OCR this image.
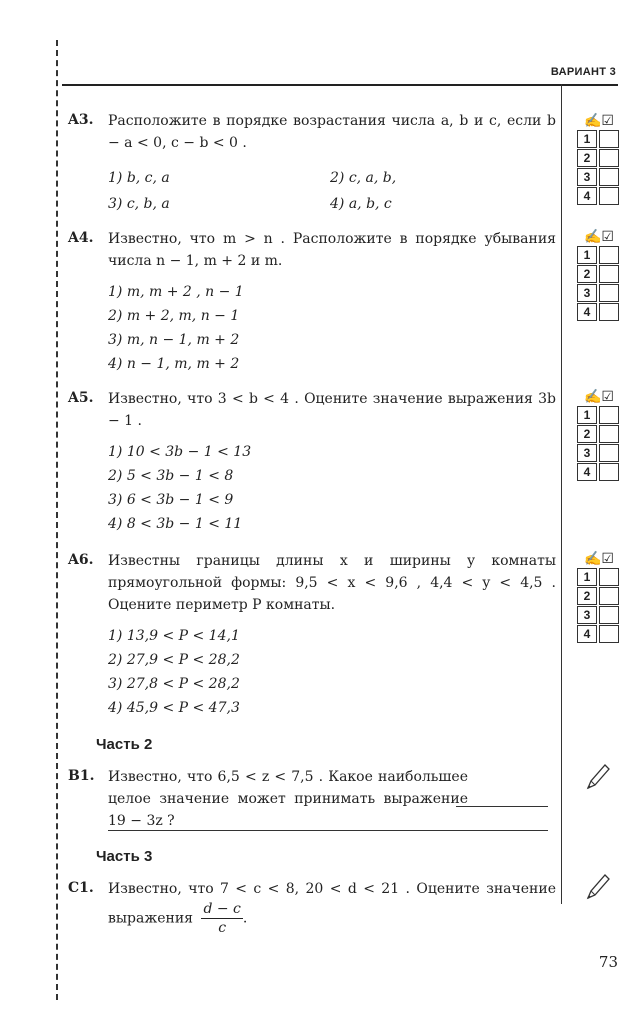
ВАРИАНТ 3
A3. Расположите в порядке возрастания числа a, b и c, если b − a < 0, c − b < 0 .
1) b, c, a	2) c, a, b,
3) c, b, a	4) a, b, c
✍☑
1
2
3
4
A4. Известно, что m > n . Расположите в порядке убывания числа n − 1, m + 2 и m.
1) m, m + 2 , n − 1
2) m + 2, m, n − 1
3) m, n − 1, m + 2
4) n − 1, m, m + 2
✍☑
1
2
3
4
A5. Известно, что 3 < b < 4 . Оцените значение выражения 3b − 1 .
1) 10 < 3b − 1 < 13
2) 5 < 3b − 1 < 8
3) 6 < 3b − 1 < 9
4) 8 < 3b − 1 < 11
✍☑
1
2
3
4
A6. Известны границы длины x и ширины y комнаты прямоугольной формы: 9,5 < x < 9,6 , 4,4 < y < 4,5 . Оцените периметр P комнаты.
1) 13,9 < P < 14,1
2) 27,9 < P < 28,2
3) 27,8 < P < 28,2
4) 45,9 < P < 47,3
✍☑
1
2
3
4
Часть 2
B1. Известно, что 6,5 < z < 7,5 . Какое наибольшее целое значение может принимать выражение 19 − 3z ?
Часть 3
C1. Известно, что 7 < c < 8, 20 < d < 21 . Оцените значение выражения $\frac{d - c}{c}$ .
73
